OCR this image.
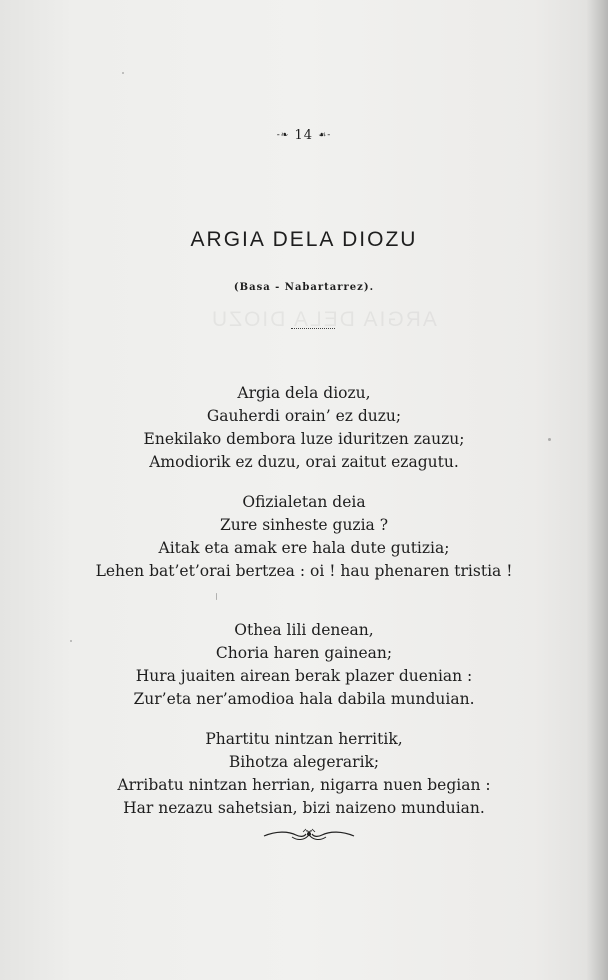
-❧ 14 ☙-
ARGIA DELA DIOZU
ARGIA DELA DIOZU
(Basa - Nabartarrez).
Argia dela diozu,
Gauherdi orain’ ez duzu;
Enekilako dembora luze iduritzen zauzu;
Amodiorik ez duzu, orai zaitut ezagutu.
Ofizialetan deia
Zure sinheste guzia ?
Aitak eta amak ere hala dute gutizia;
Lehen bat’et’orai bertzea : oi ! hau phenaren tristia !
Othea lili denean,
Choria haren gainean;
Hura juaiten airean berak plazer duenian :
Zur’eta ner’amodioa hala dabila munduian.
Phartitu nintzan herritik,
Bihotza alegerarik;
Arribatu nintzan herrian, nigarra nuen begian :
Har nezazu sahetsian, bizi naizeno munduian.
